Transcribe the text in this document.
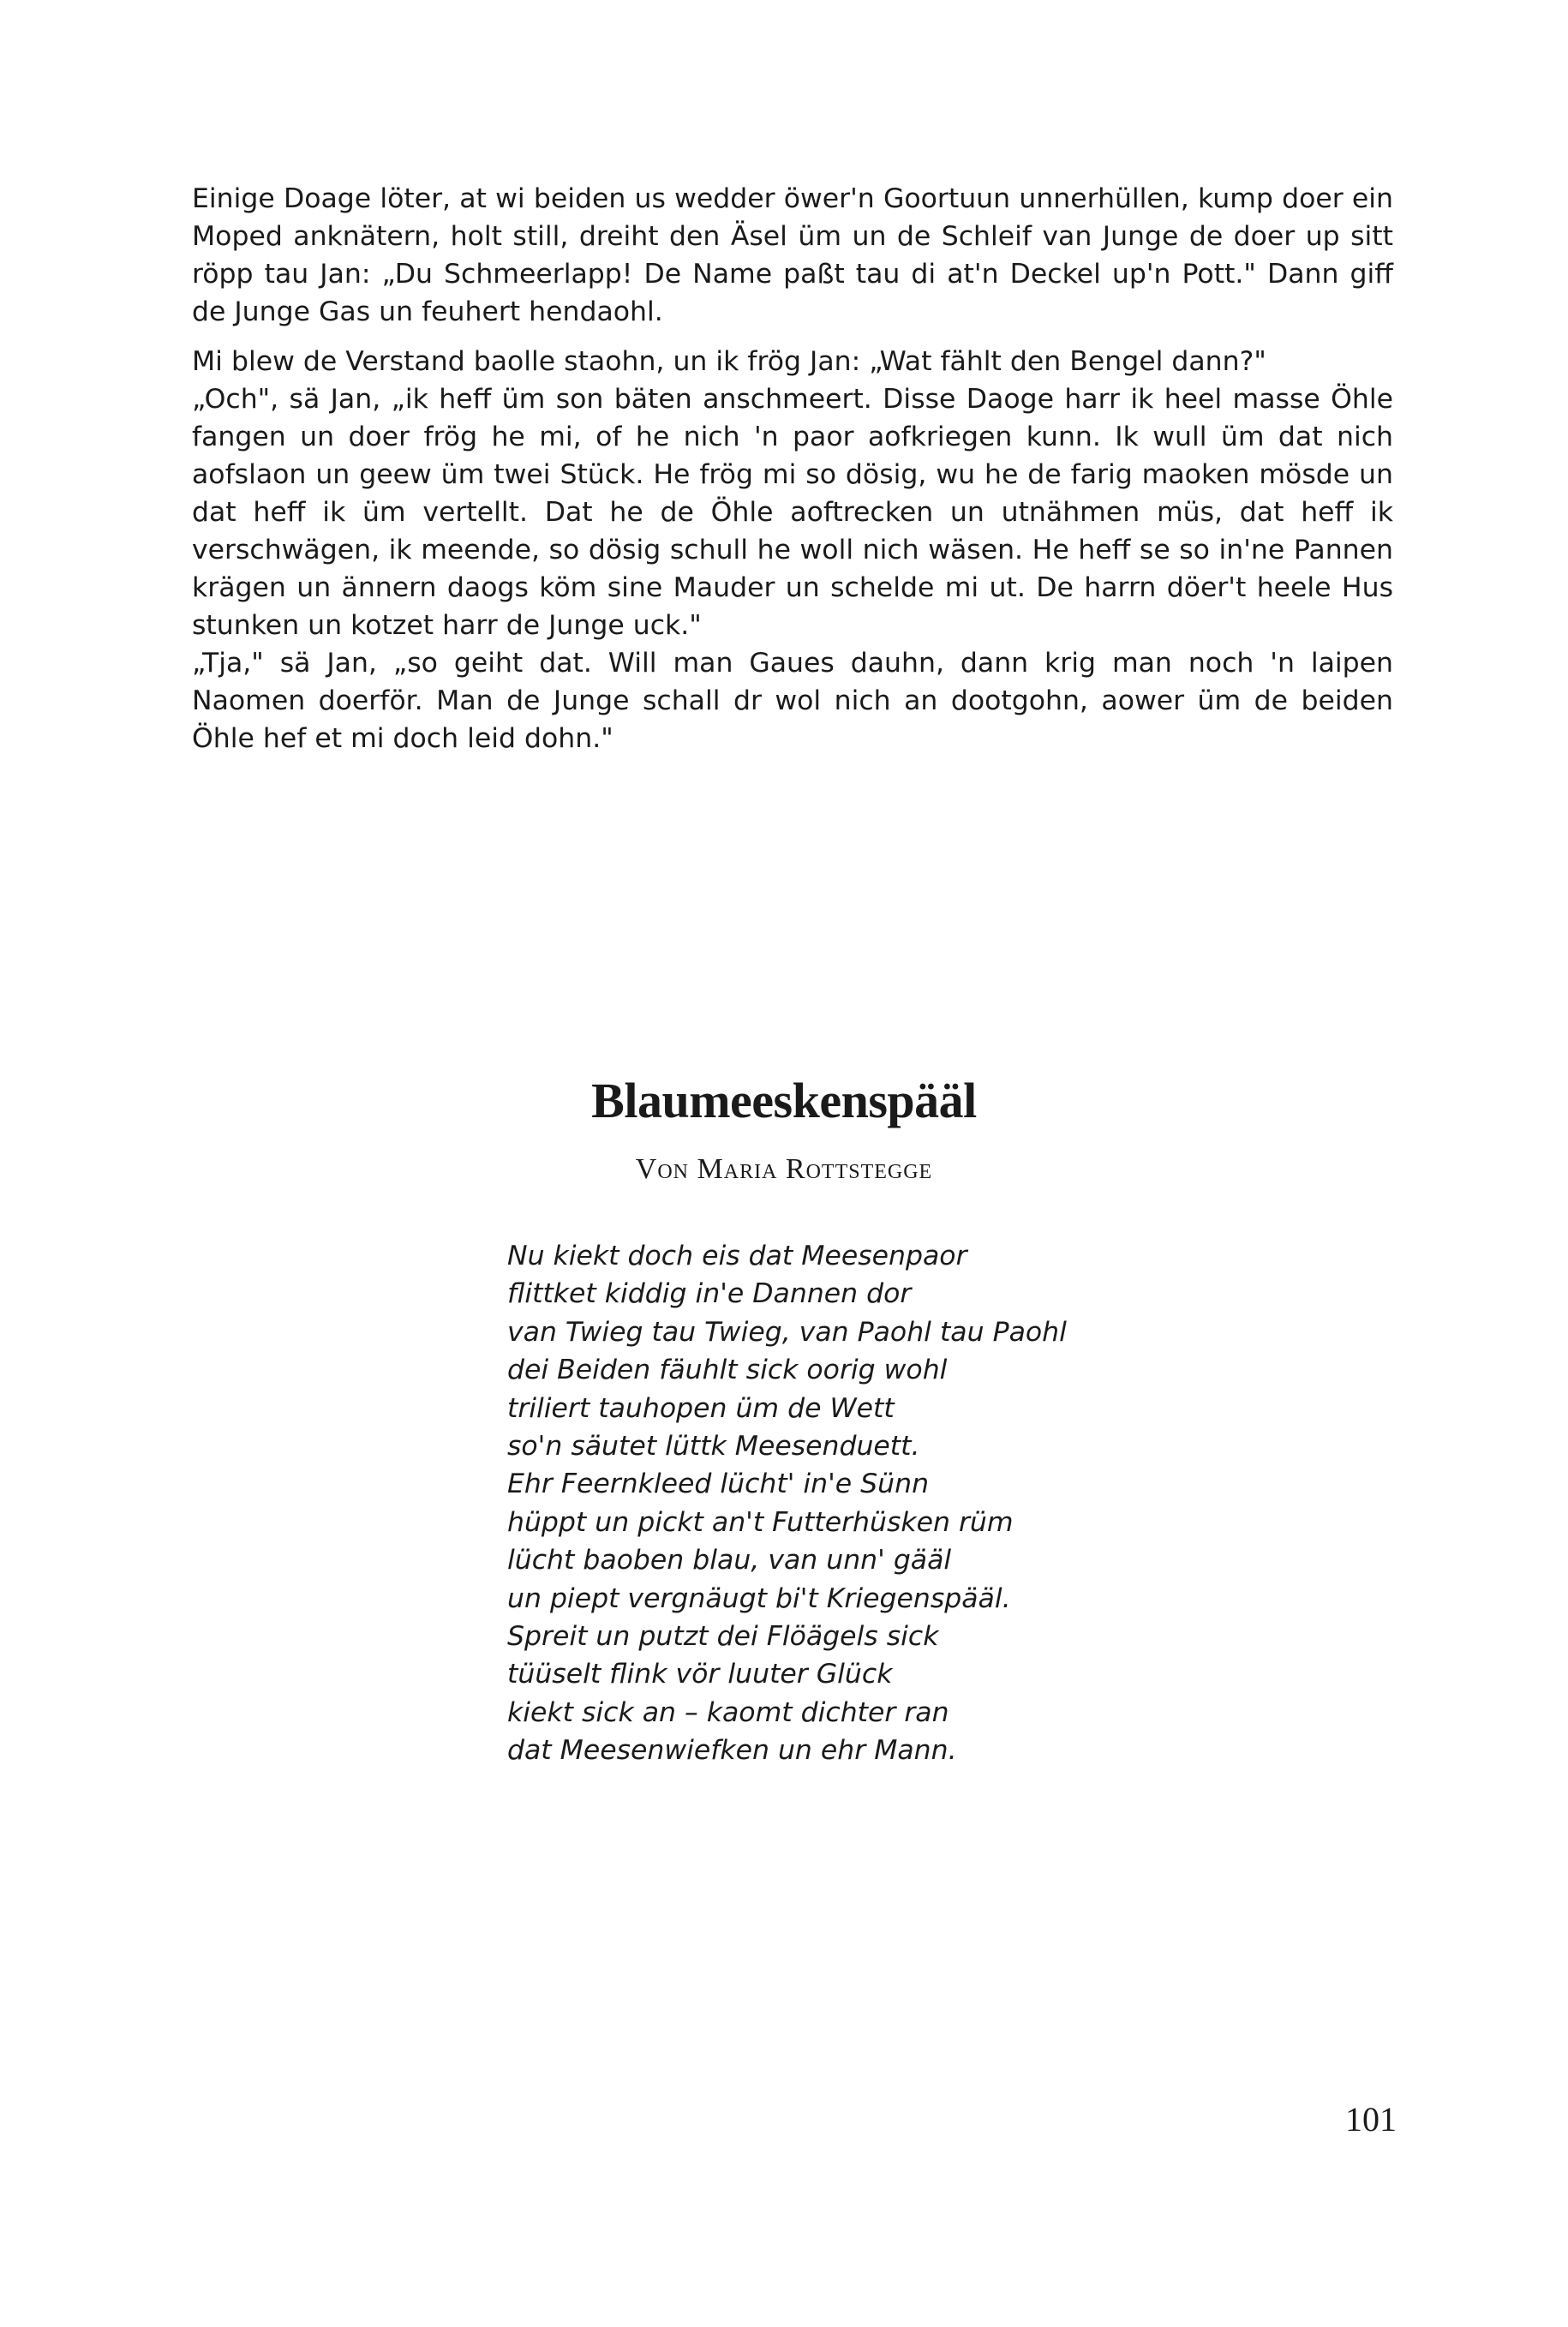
Einige Doage löter, at wi beiden us wedder öwer'n Goortuun unnerhüllen, kump doer ein Moped anknätern, holt still, dreiht den Äsel üm un de Schleif van Junge de doer up sitt röpp tau Jan: „Du Schmeerlapp! De Name paßt tau di at'n Deckel up'n Pott." Dann giff de Junge Gas un feuhert hendaohl.

Mi blew de Verstand baolle staohn, un ik frög Jan: „Wat fählt den Bengel dann?"

„Och", sä Jan, „ik heff üm son bäten anschmeert. Disse Daoge harr ik heel masse Öhle fangen un doer frög he mi, of he nich 'n paor aofkriegen kunn. Ik wull üm dat nich aofslaon un geew üm twei Stück. He frög mi so dösig, wu he de farig maoken mösde un dat heff ik üm vertellt. Dat he de Öhle aoftrecken un utnähmen müs, dat heff ik verschwägen, ik meende, so dösig schull he woll nich wäsen. He heff se so in'ne Pannen krägen un ännern daogs köm sine Mauder un schelde mi ut. De harrn döer't heele Hus stunken un kotzet harr de Junge uck."

„Tja," sä Jan, „so geiht dat. Will man Gaues dauhn, dann krig man noch 'n laipen Naomen doerför. Man de Junge schall dr wol nich an dootgohn, aower üm de beiden Öhle hef et mi doch leid dohn."

Blaumeeskenspääl
Von Maria Rottstegge
Nu kiekt doch eis dat Meesenpaor
flittket kiddig in'e Dannen dor
van Twieg tau Twieg, van Paohl tau Paohl
dei Beiden fäuhlt sick oorig wohl
triliert tauhopen üm de Wett
so'n säutet lüttk Meesenduett.
Ehr Feernkleed lücht' in'e Sünn
hüppt un pickt an't Futterhüsken rüm
lücht baoben blau, van unn' gääl
un piept vergnäugt bi't Kriegenspääl.
Spreit un putzt dei Flöägels sick
tüüselt flink vör luuter Glück
kiekt sick an – kaomt dichter ran
dat Meesenwiefken un ehr Mann.
101
